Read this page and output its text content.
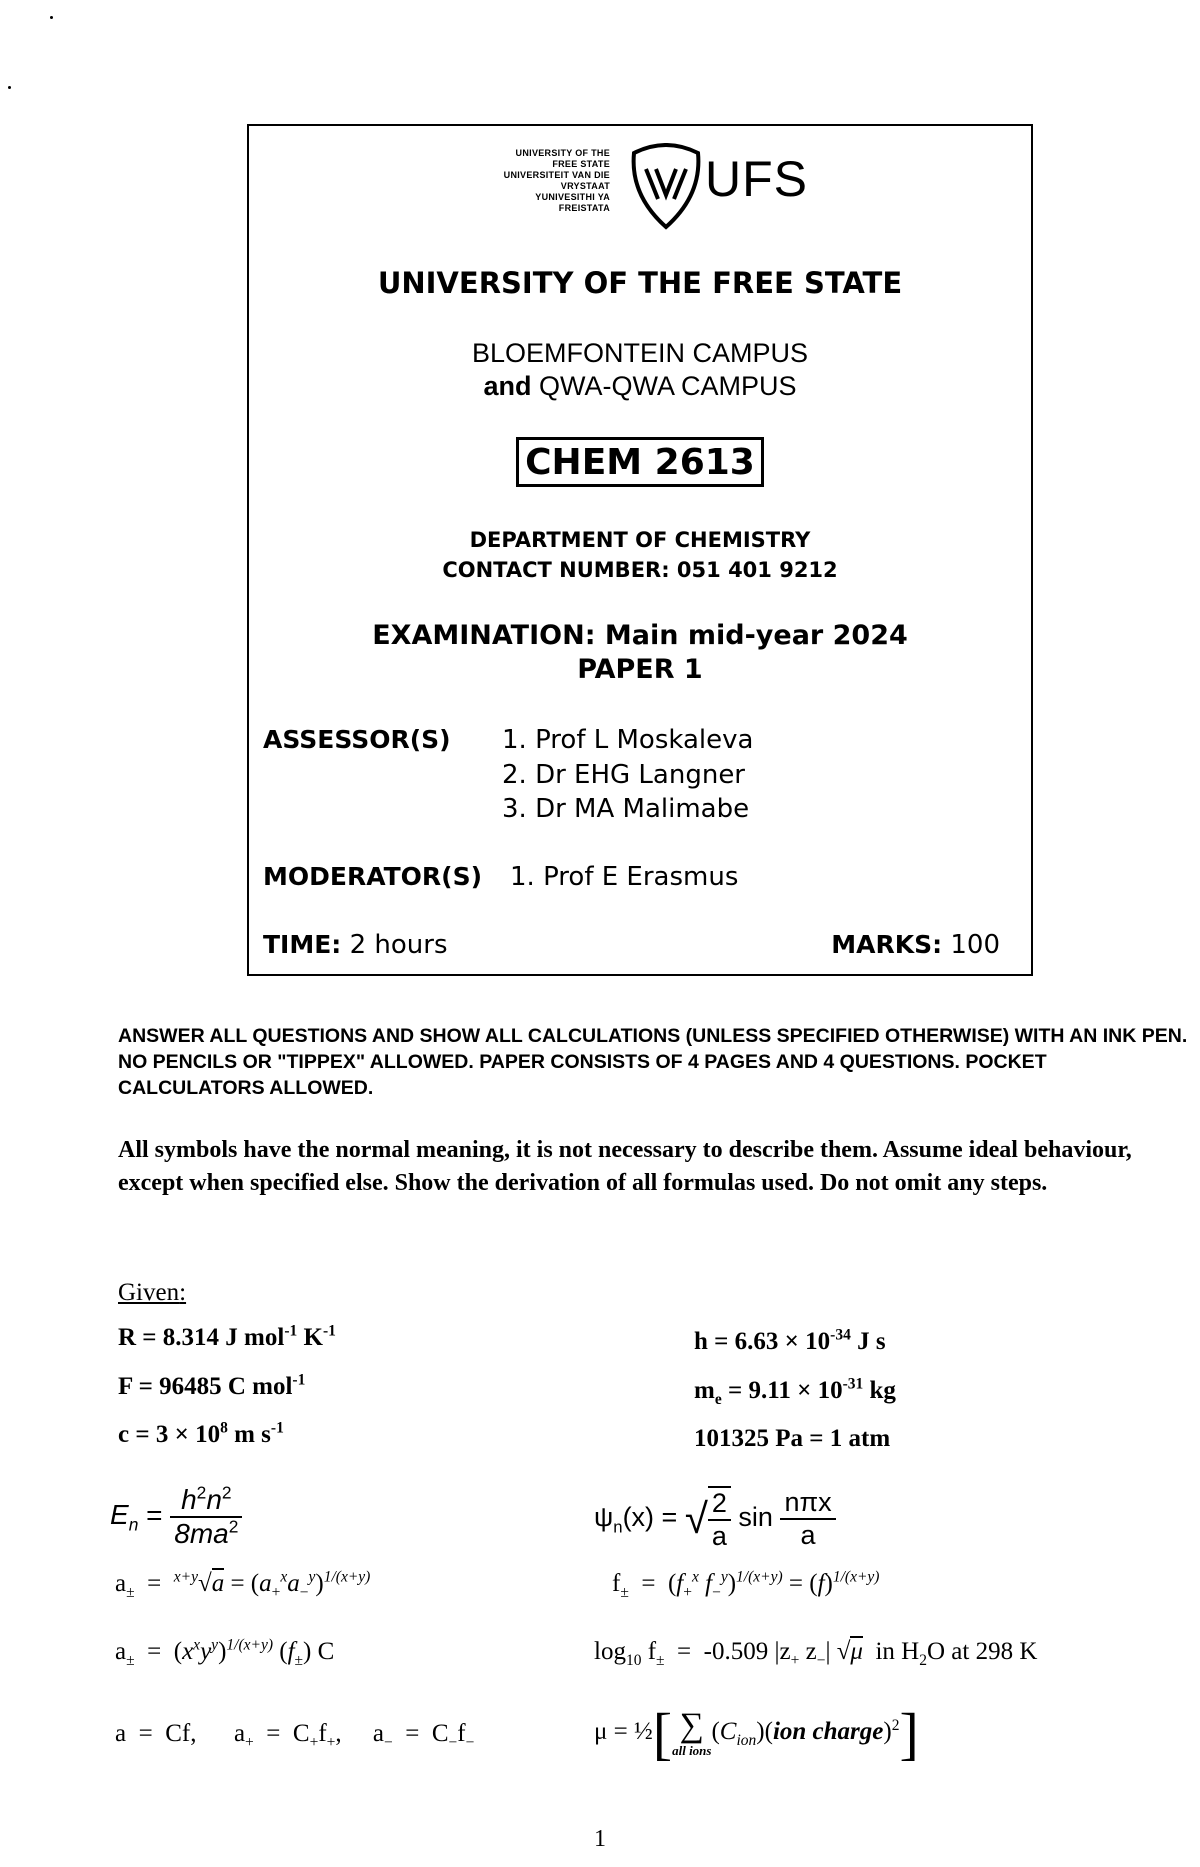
UNIVERSITY OF THE
FREE STATE
UNIVERSITEIT VAN DIE
VRYSTAAT
YUNIVESITHI YA
FREISTATA
UFS
UNIVERSITY OF THE FREE STATE
BLOEMFONTEIN CAMPUS
and QWA-QWA CAMPUS
CHEM 2613
DEPARTMENT OF CHEMISTRY
CONTACT NUMBER: 051 401 9212
EXAMINATION: Main mid-year 2024
PAPER 1
ASSESSOR(S) 1. Prof L Moskaleva
2. Dr EHG Langner
3. Dr MA Malimabe
MODERATOR(S) 1. Prof E Erasmus
TIME: 2 hours	MARKS: 100
ANSWER ALL QUESTIONS AND SHOW ALL CALCULATIONS (UNLESS SPECIFIED OTHERWISE) WITH AN INK PEN. NO PENCILS OR "TIPPEX" ALLOWED. PAPER CONSISTS OF 4 PAGES AND 4 QUESTIONS. POCKET CALCULATORS ALLOWED.
All symbols have the normal meaning, it is not necessary to describe them. Assume ideal behaviour, except when specified else. Show the derivation of all formulas used. Do not omit any steps.
Given:
R = 8.314 J mol$^{-1}$ $K^{-1}$
F = 96485 C mol$^{-1}$
$c = 3 \times 10^8$ m $s^{-1}$
$h = 6.63 \times 10^{-34}$ J s
$m_e = 9.11 \times 10^{-31}$ kg
101325 Pa = 1 atm
$E_n = \frac{h^2n^2}{8ma^2}$	$\psi_n(x)$ = √ $\frac{2}{a}$ $\sin \frac{\text{nπx}}{a}$
$a_\pm = ^{x+y}√a = (a_+^xa_-^y)^{1/(x+y)}$	$f_\pm = (f_+^x$ $f_-^y)^{1/(x+y)} = (f)^{1/(x+y)}$
$a_\pm = (x^xy^y)^{1/(x+y)}$ $(f_\pm)$ C	$\log_{10} f_\pm = -0.509$ $|z_+$ $z_-|$ √μ  in $H_2O$ at 298 K
a  =  Cf,      $a_+ = C_+f_+$,     $a_- = C_-f_-$	μ = ½[ ∑
all ions
$(C_{ion})(ion$ charge)$^2$]
1
